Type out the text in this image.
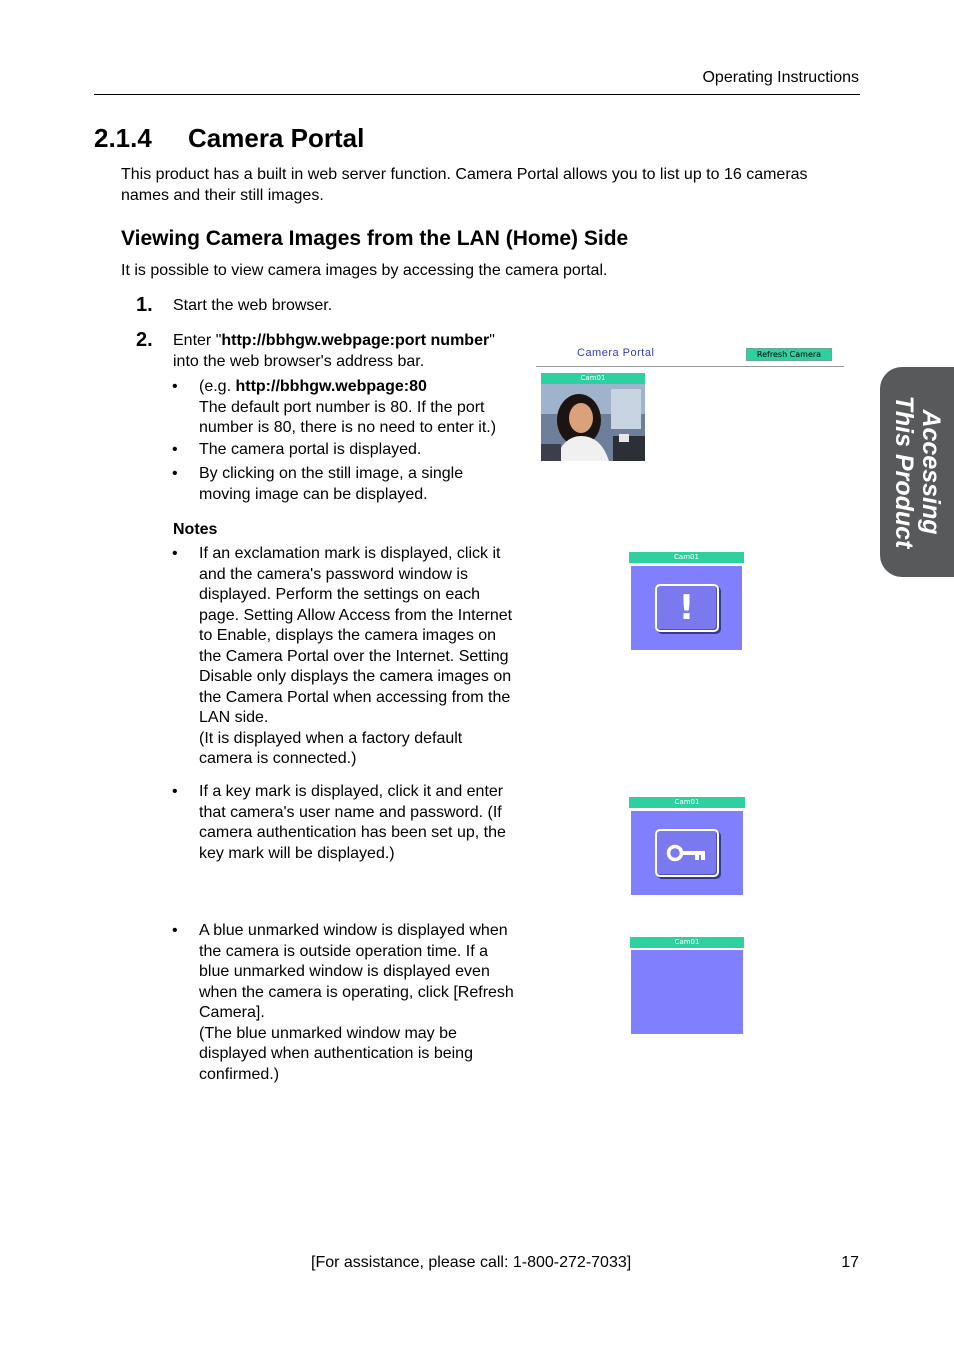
Operating Instructions
2.1.4 Camera Portal
This product has a built in web server function. Camera Portal allows you to list up to 16 cameras names and their still images.
Viewing Camera Images from the LAN (Home) Side
It is possible to view camera images by accessing the camera portal.
1. Start the web browser.
2. Enter "http://bbhgw.webpage:port number" into the web browser's address bar.
• (e.g. http://bbhgw.webpage:80
The default port number is 80. If the port number is 80, there is no need to enter it.)
• The camera portal is displayed.
• By clicking on the still image, a single moving image can be displayed.
Notes
• If an exclamation mark is displayed, click it and the camera's password window is displayed. Perform the settings on each page. Setting Allow Access from the Internet to Enable, displays the camera images on the Camera Portal over the Internet. Setting Disable only displays the camera images on the Camera Portal when accessing from the LAN side.
(It is displayed when a factory default camera is connected.)
• If a key mark is displayed, click it and enter that camera's user name and password. (If camera authentication has been set up, the key mark will be displayed.)
• A blue unmarked window is displayed when the camera is outside operation time. If a blue unmarked window is displayed even when the camera is operating, click [Refresh Camera].
(The blue unmarked window may be displayed when authentication is being confirmed.)
Accessing
This Product
Camera Portal	Refresh Camera
Cam01
Cam01
!
Cam01
Cam01
[For assistance, please call: 1-800-272-7033]	17
